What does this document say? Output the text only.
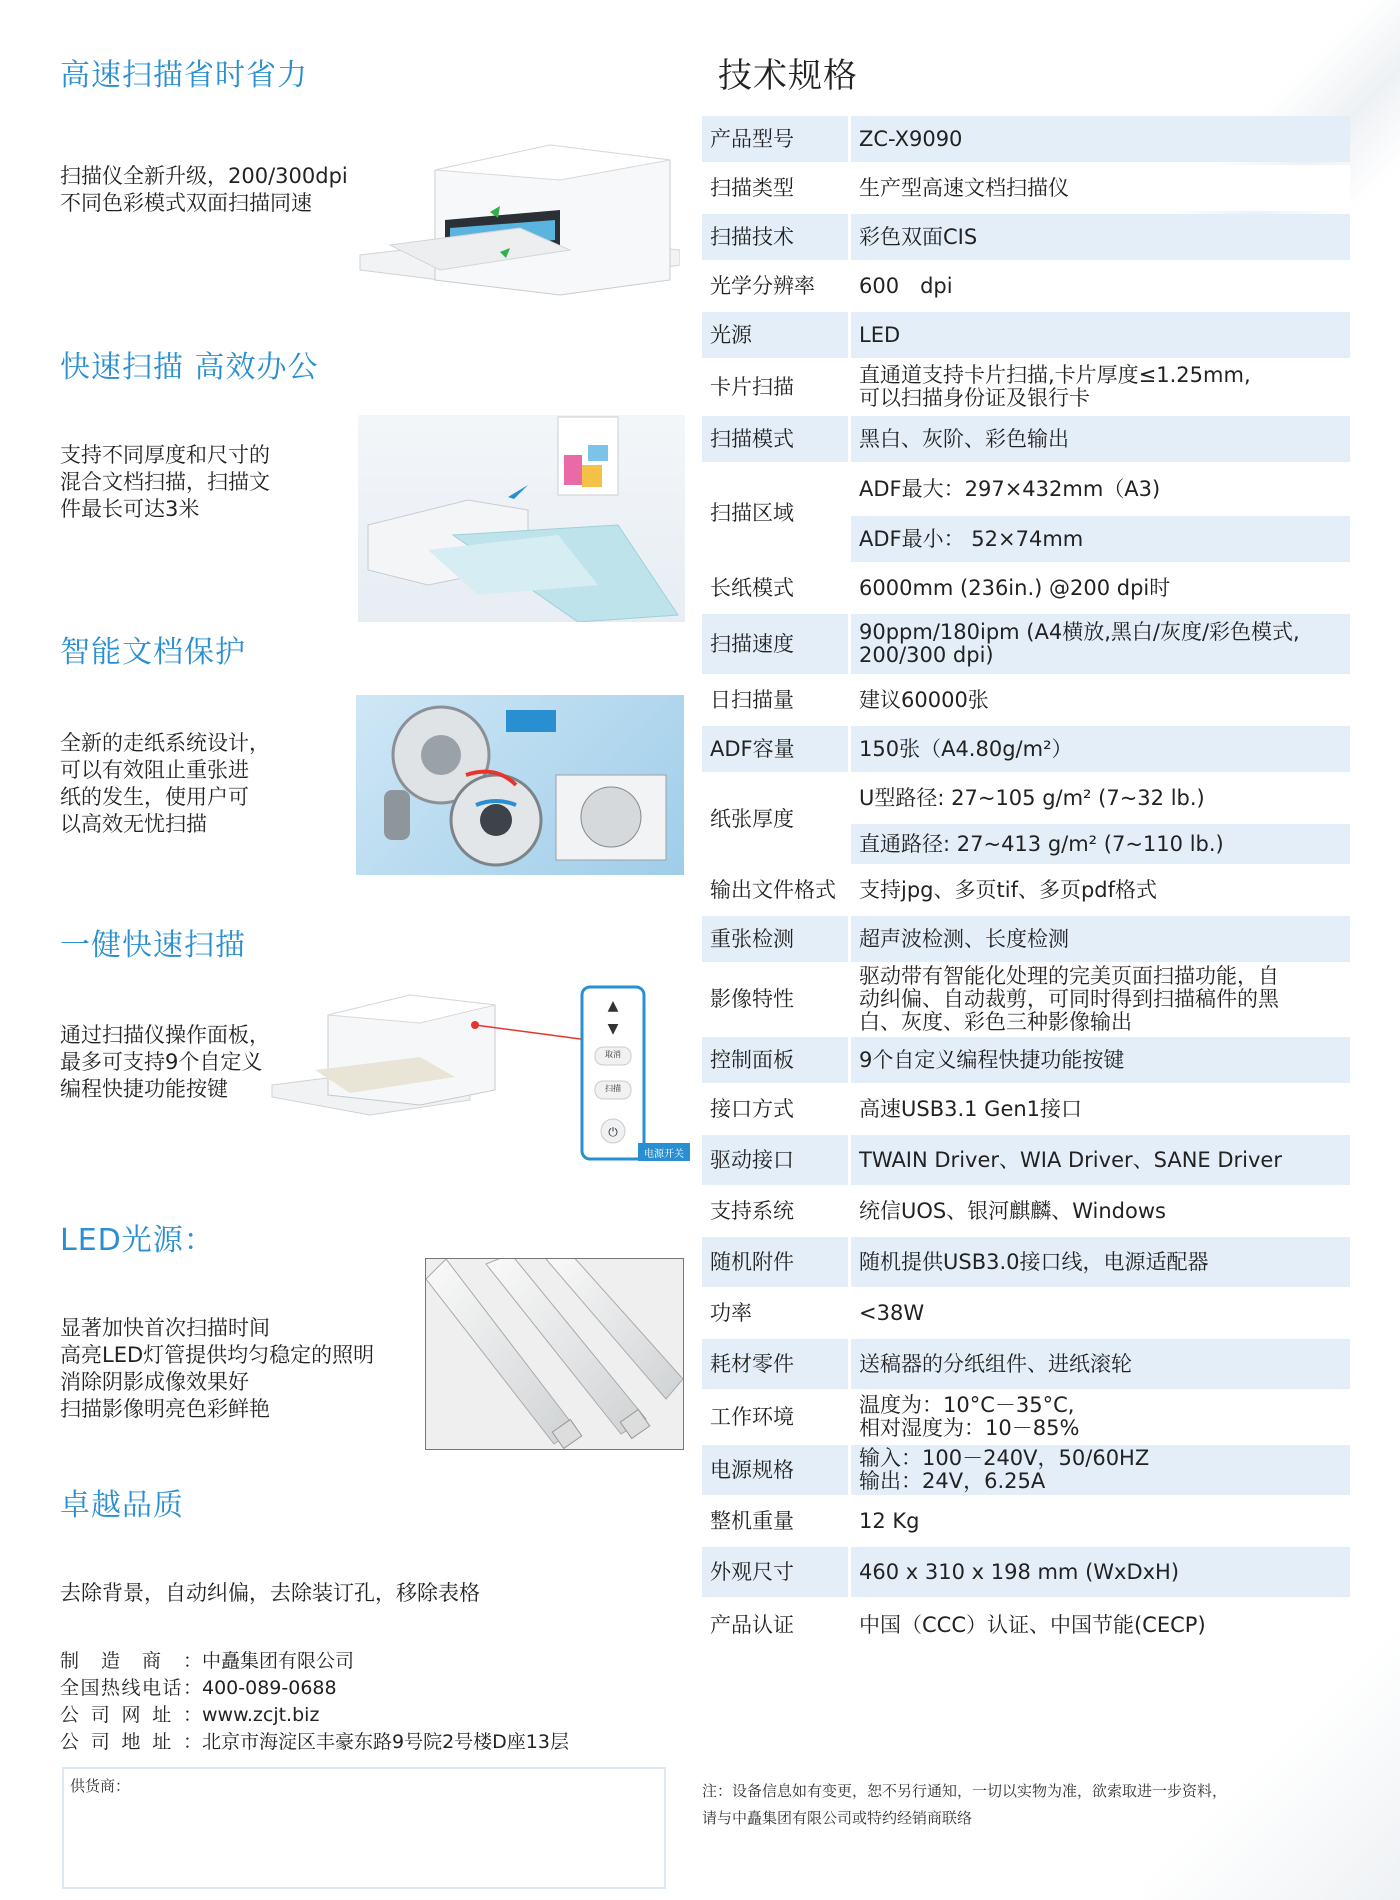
高速扫描省时省力
扫描仪全新升级，200/300dpi
不同色彩模式双面扫描同速
快速扫描 高效办公
支持不同厚度和尺寸的
混合文档扫描，扫描文
件最长可达3米
智能文档保护
全新的走纸系统设计，
可以有效阻止重张进
纸的发生，使用户可
以高效无忧扫描
一健快速扫描
通过扫描仪操作面板，
最多可支持9个自定义
编程快捷功能按键
▲
▼
⏻
取消
扫描
电源开关
LED光源：
显著加快首次扫描时间
高亮LED灯管提供均匀稳定的照明
消除阴影成像效果好
扫描影像明亮色彩鲜艳
卓越品质
去除背景，自动纠偏，去除装订孔，移除表格
制造商：中矗集团有限公司
全国热线电话：400-089-0688
公司网址：www.zcjt.biz
公司地址：北京市海淀区丰豪东路9号院2号楼D座13层
供货商：
技术规格
产品型号	ZC-X9090

扫描类型	生产型高速文档扫描仪

扫描技术	彩色双面CIS

光学分辨率	600　dpi

光源	LED

卡片扫描	直通道支持卡片扫描,卡片厚度≤1.25mm,
可以扫描身份证及银行卡

扫描模式	黑白、灰阶、彩色输出

扫描区域	ADF最大：297×432mm（A3)

	ADF最小： 52×74mm

长纸模式	6000mm (236in.) @200 dpi时

扫描速度	90ppm/180ipm (A4横放,黑白/灰度/彩色模式,
200/300 dpi)

日扫描量	建议60000张

ADF容量	150张（A4.80g/m²）

纸张厚度	U型路径: 27~105 g/m² (7~32 lb.)

	直通路径: 27~413 g/m² (7~110 lb.)

输出文件格式	支持jpg、多页tif、多页pdf格式

重张检测	超声波检测、长度检测

影像特性	驱动带有智能化处理的完美页面扫描功能，自
动纠偏、自动裁剪，可同时得到扫描稿件的黑
白、灰度、彩色三种影像输出

控制面板	9个自定义编程快捷功能按键

接口方式	高速USB3.1 Gen1接口

驱动接口	TWAIN Driver、WIA Driver、SANE Driver

支持系统	统信UOS、银河麒麟、Windows

随机附件	随机提供USB3.0接口线，电源适配器

功率	<38W

耗材零件	送稿器的分纸组件、进纸滚轮

工作环境	温度为：10°C－35°C,
相对湿度为：10－85%

电源规格	输入：100－240V，50/60HZ
输出：24V，6.25A

整机重量	12 Kg

外观尺寸	460 x 310 x 198 mm (WxDxH)

产品认证	中国（CCC）认证、中国节能(CECP)
注：设备信息如有变更，恕不另行通知，一切以实物为准，欲索取进一步资料，
请与中矗集团有限公司或特约经销商联络
